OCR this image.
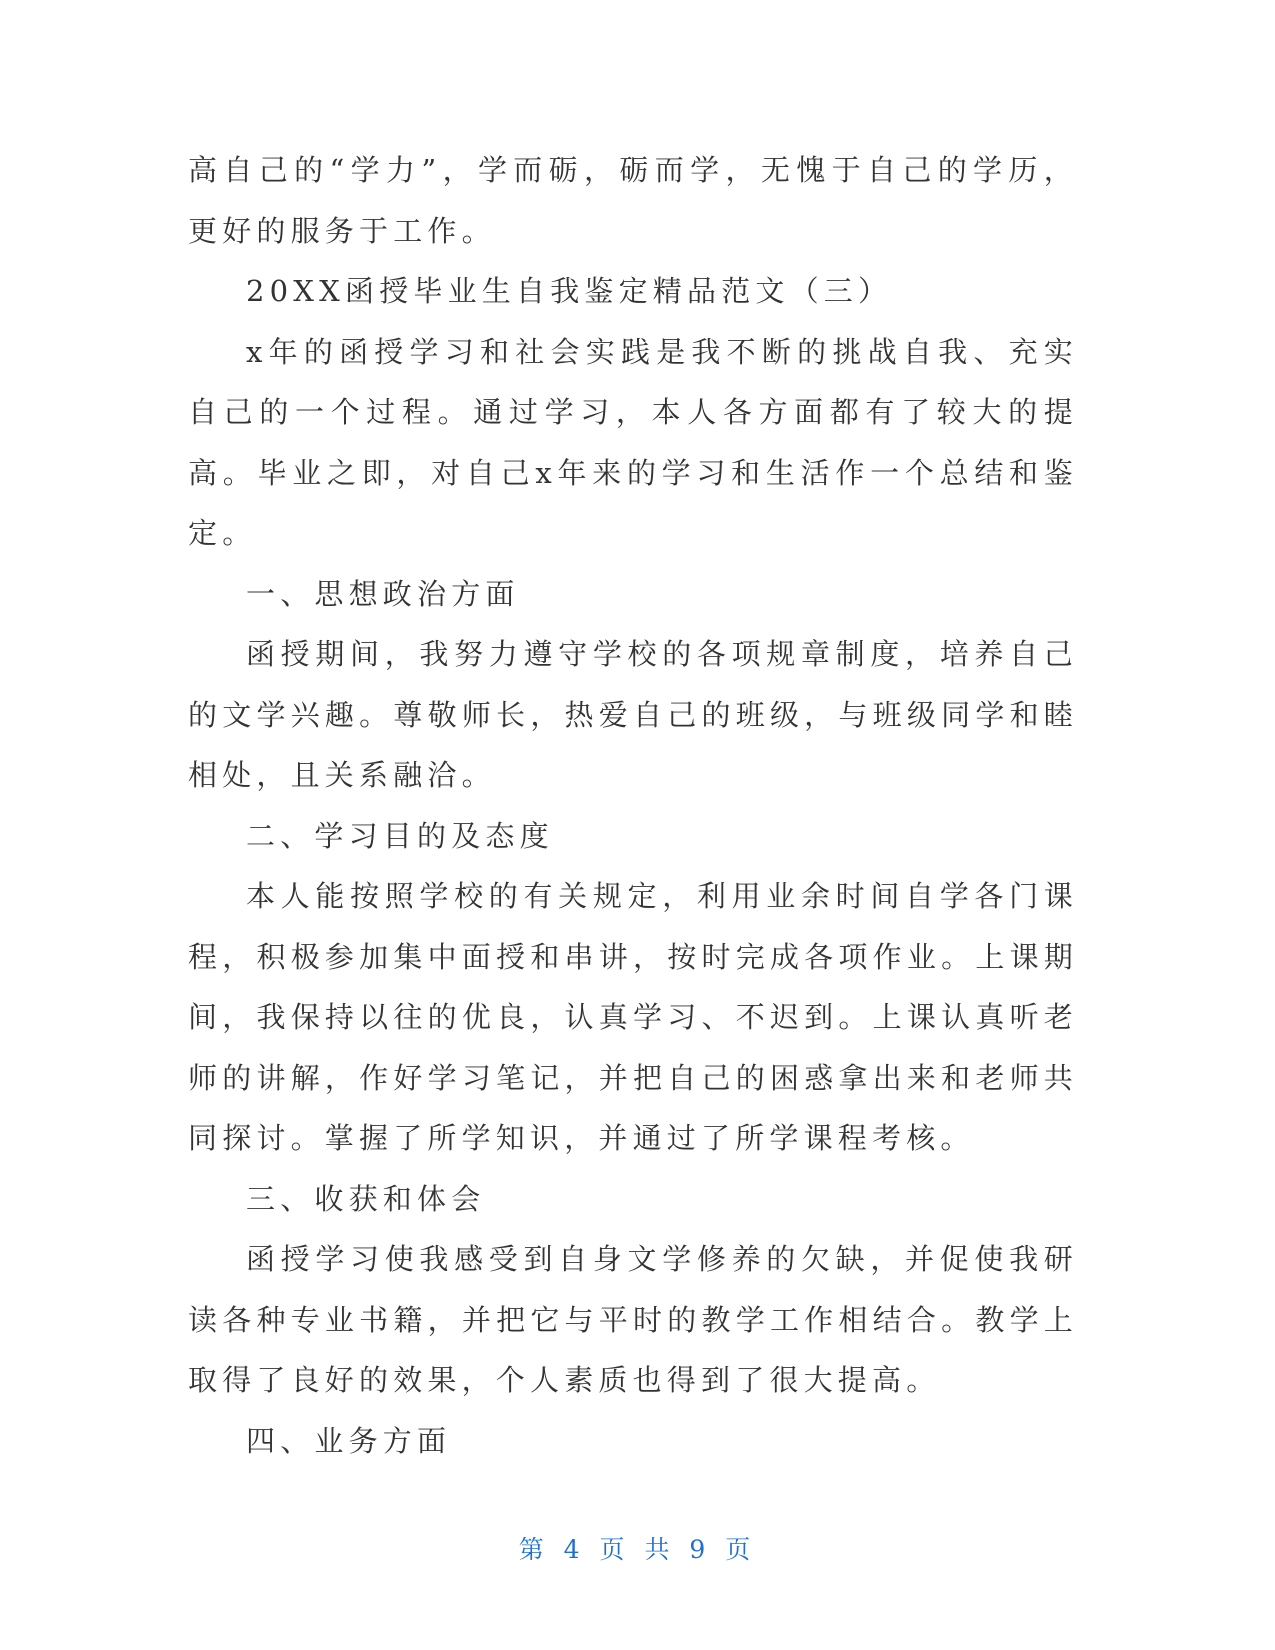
高自己的“学力”，学而砺，砺而学，无愧于自己的学历，更好的服务于工作。

20XX函授毕业生自我鉴定精品范文（三）

x年的函授学习和社会实践是我不断的挑战自我、充实自己的一个过程。通过学习，本人各方面都有了较大的提高。毕业之即，对自己x年来的学习和生活作一个总结和鉴定。

一、思想政治方面

函授期间，我努力遵守学校的各项规章制度，培养自己的文学兴趣。尊敬师长，热爱自己的班级，与班级同学和睦相处，且关系融洽。

二、学习目的及态度

本人能按照学校的有关规定，利用业余时间自学各门课程，积极参加集中面授和串讲，按时完成各项作业。上课期间，我保持以往的优良，认真学习、不迟到。上课认真听老师的讲解，作好学习笔记，并把自己的困惑拿出来和老师共同探讨。掌握了所学知识，并通过了所学课程考核。

三、收获和体会

函授学习使我感受到自身文学修养的欠缺，并促使我研读各种专业书籍，并把它与平时的教学工作相结合。教学上取得了良好的效果，个人素质也得到了很大提高。

四、业务方面

第 4 页 共 9 页
